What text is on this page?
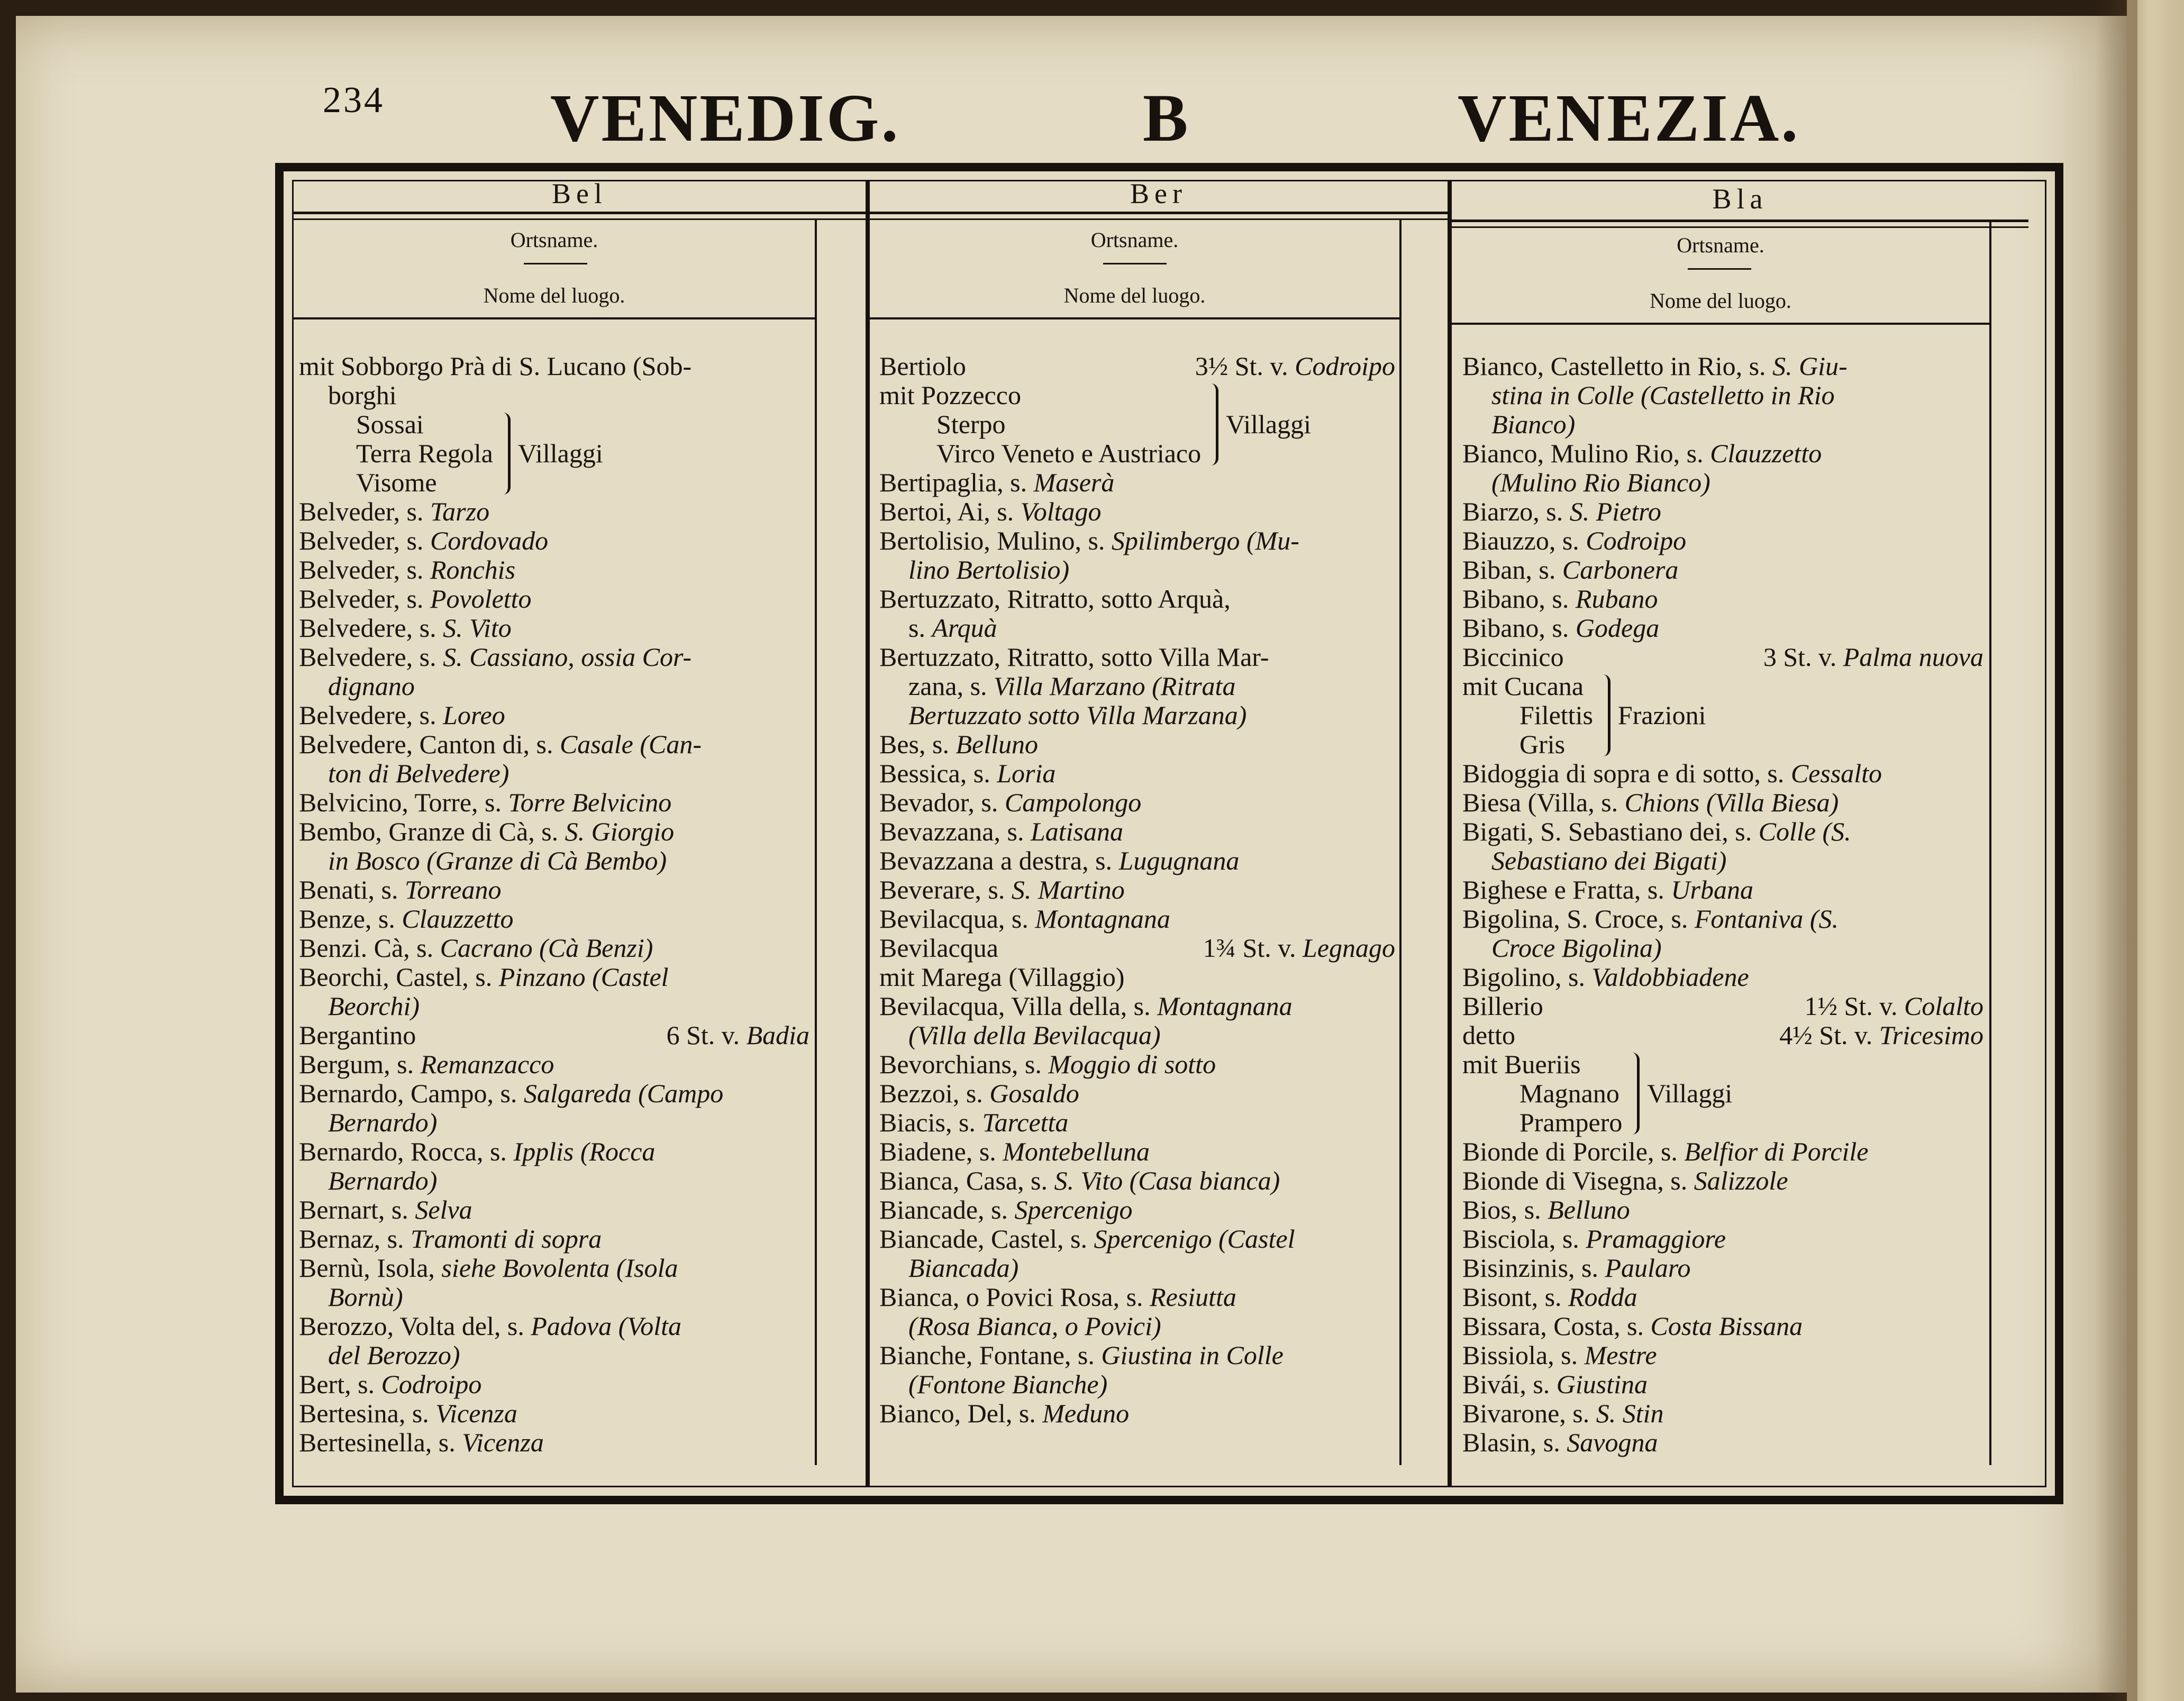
234 VENEDIG.	B	VENEZIA.
Bel	Ber	Bla
Ortsname.
Nome del luogo.
Ortsname.
Nome del luogo.
Ortsname.
Nome del luogo.
mit Sobborgo Prà di S. Lucano (Sob-
borghi
Sossai
Terra Regola
Visome
Villaggi
Belveder, s. Tarzo
Belveder, s. Cordovado
Belveder, s. Ronchis
Belveder, s. Povoletto
Belvedere, s. S. Vito
Belvedere, s. S. Cassiano, ossia Cor-
dignano
Belvedere, s. Loreo
Belvedere, Canton di, s. Casale (Can-
ton di Belvedere)
Belvicino, Torre, s. Torre Belvicino
Bembo, Granze di Cà, s. S. Giorgio
in Bosco (Granze di Cà Bembo)
Benati, s. Torreano
Benze, s. Clauzzetto
Benzi. Cà, s. Cacrano (Cà Benzi)
Beorchi, Castel, s. Pinzano (Castel
Beorchi)
Bergantino	6 St. v. Badia
Bergum, s. Remanzacco
Bernardo, Campo, s. Salgareda (Campo
Bernardo)
Bernardo, Rocca, s. Ipplis (Rocca
Bernardo)
Bernart, s. Selva
Bernaz, s. Tramonti di sopra
Bernù, Isola, siehe Bovolenta (Isola
Bornù)
Berozzo, Volta del, s. Padova (Volta
del Berozzo)
Bert, s. Codroipo
Bertesina, s. Vicenza
Bertesinella, s. Vicenza
Bertiolo	3½ St. v. Codroipo
mit Pozzecco
Sterpo
Virco Veneto e Austriaco
Villaggi
Bertipaglia, s. Maserà
Bertoi, Ai, s. Voltago
Bertolisio, Mulino, s. Spilimbergo (Mu-
lino Bertolisio)
Bertuzzato, Ritratto, sotto Arquà,
s. Arquà
Bertuzzato, Ritratto, sotto Villa Mar-
zana, s. Villa Marzano (Ritrata
Bertuzzato sotto Villa Marzana)
Bes, s. Belluno
Bessica, s. Loria
Bevador, s. Campolongo
Bevazzana, s. Latisana
Bevazzana a destra, s. Lugugnana
Beverare, s. S. Martino
Bevilacqua, s. Montagnana
Bevilacqua	1¾ St. v. Legnago
mit Marega (Villaggio)
Bevilacqua, Villa della, s. Montagnana
(Villa della Bevilacqua)
Bevorchians, s. Moggio di sotto
Bezzoi, s. Gosaldo
Biacis, s. Tarcetta
Biadene, s. Montebelluna
Bianca, Casa, s. S. Vito (Casa bianca)
Biancade, s. Spercenigo
Biancade, Castel, s. Spercenigo (Castel
Biancada)
Bianca, o Povici Rosa, s. Resiutta
(Rosa Bianca, o Povici)
Bianche, Fontane, s. Giustina in Colle
(Fontone Bianche)
Bianco, Del, s. Meduno
Bianco, Castelletto in Rio, s. S. Giu-
stina in Colle (Castelletto in Rio
Bianco)
Bianco, Mulino Rio, s. Clauzzetto
(Mulino Rio Bianco)
Biarzo, s. S. Pietro
Biauzzo, s. Codroipo
Biban, s. Carbonera
Bibano, s. Rubano
Bibano, s. Godega
Biccinico	3 St. v. Palma nuova
mit Cucana
Filettis
Gris
Frazioni
Bidoggia di sopra e di sotto, s. Cessalto
Biesa (Villa, s. Chions (Villa Biesa)
Bigati, S. Sebastiano dei, s. Colle (S.
Sebastiano dei Bigati)
Bighese e Fratta, s. Urbana
Bigolina, S. Croce, s. Fontaniva (S.
Croce Bigolina)
Bigolino, s. Valdobbiadene
Billerio	1½ St. v. Colalto
detto	4½ St. v. Tricesimo
mit Bueriis
Magnano
Prampero
Villaggi
Bionde di Porcile, s. Belfior di Porcile
Bionde di Visegna, s. Salizzole
Bios, s. Belluno
Bisciola, s. Pramaggiore
Bisinzinis, s. Paularo
Bisont, s. Rodda
Bissara, Costa, s. Costa Bissana
Bissiola, s. Mestre
Bivái, s. Giustina
Bivarone, s. S. Stin
Blasin, s. Savogna
